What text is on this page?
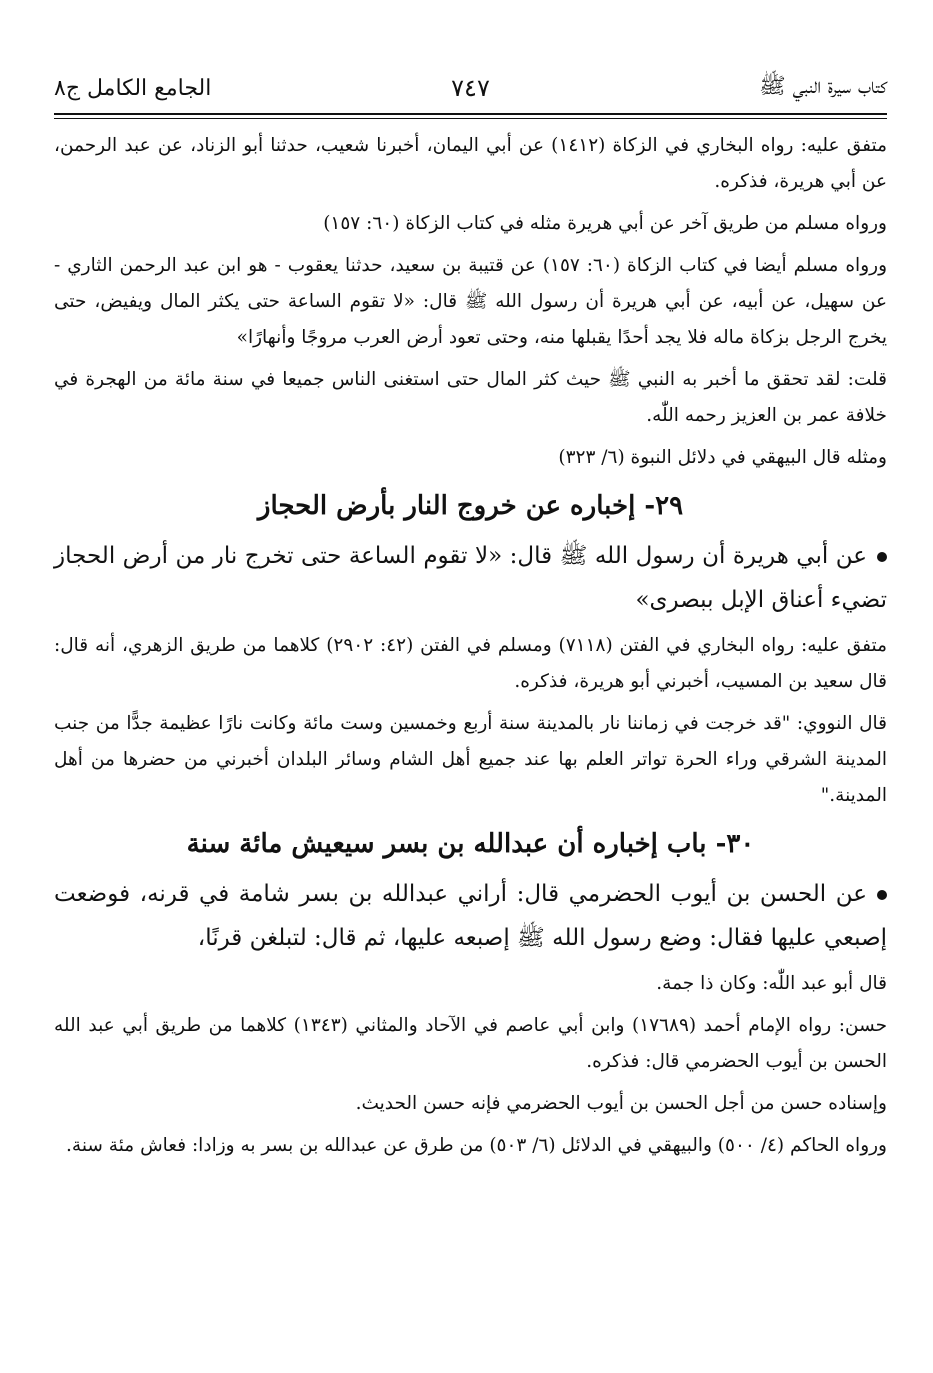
كتاب سيرة النبي ﷺ
٧٤٧
الجامع الكامل ج٨

متفق عليه: رواه البخاري في الزكاة (١٤١٢) عن أبي اليمان، أخبرنا شعيب، حدثنا أبو الزناد، عن عبد الرحمن، عن أبي هريرة، فذكره.

ورواه مسلم من طريق آخر عن أبي هريرة مثله في كتاب الزكاة (٦٠: ١٥٧)

ورواه مسلم أيضا في كتاب الزكاة (٦٠: ١٥٧) عن قتيبة بن سعيد، حدثنا يعقوب - هو ابن عبد الرحمن الثاري - عن سهيل، عن أبيه، عن أبي هريرة أن رسول الله ﷺ قال: «لا تقوم الساعة حتى يكثر المال ويفيض، حتى يخرج الرجل بزكاة ماله فلا يجد أحدًا يقبلها منه، وحتى تعود أرض العرب مروجًا وأنهارًا»

قلت: لقد تحقق ما أخبر به النبي ﷺ حيث كثر المال حتى استغنى الناس جميعا في سنة مائة من الهجرة في خلافة عمر بن العزيز رحمه اللّٰه.

ومثله قال البيهقي في دلائل النبوة (٦/ ٣٢٣)

٢٩- إخباره عن خروج النار بأرض الحجاز

عن أبي هريرة أن رسول الله ﷺ قال: «لا تقوم الساعة حتى تخرج نار من أرض الحجاز تضيء أعناق الإبل ببصرى»

متفق عليه: رواه البخاري في الفتن (٧١١٨) ومسلم في الفتن (٤٢: ٢٩٠٢) كلاهما من طريق الزهري، أنه قال: قال سعيد بن المسيب، أخبرني أبو هريرة، فذكره.

قال النووي: "قد خرجت في زماننا نار بالمدينة سنة أربع وخمسين وست مائة وكانت نارًا عظيمة جدًّا من جنب المدينة الشرقي وراء الحرة تواتر العلم بها عند جميع أهل الشام وسائر البلدان أخبرني من حضرها من أهل المدينة."

٣٠- باب إخباره أن عبدالله بن بسر سيعيش مائة سنة

عن الحسن بن أيوب الحضرمي قال: أراني عبدالله بن بسر شامة في قرنه، فوضعت إصبعي عليها فقال: وضع رسول الله ﷺ إصبعه عليها، ثم قال: لتبلغن قرنًا،

قال أبو عبد اللّٰه: وكان ذا جمة.

حسن: رواه الإمام أحمد (١٧٦٨٩) وابن أبي عاصم في الآحاد والمثاني (١٣٤٣) كلاهما من طريق أبي عبد الله الحسن بن أيوب الحضرمي قال: فذكره.

وإسناده حسن من أجل الحسن بن أيوب الحضرمي فإنه حسن الحديث.

ورواه الحاكم (٤/ ٥٠٠) والبيهقي في الدلائل (٦/ ٥٠٣) من طرق عن عبدالله بن بسر به وزادا: فعاش مئة سنة.
